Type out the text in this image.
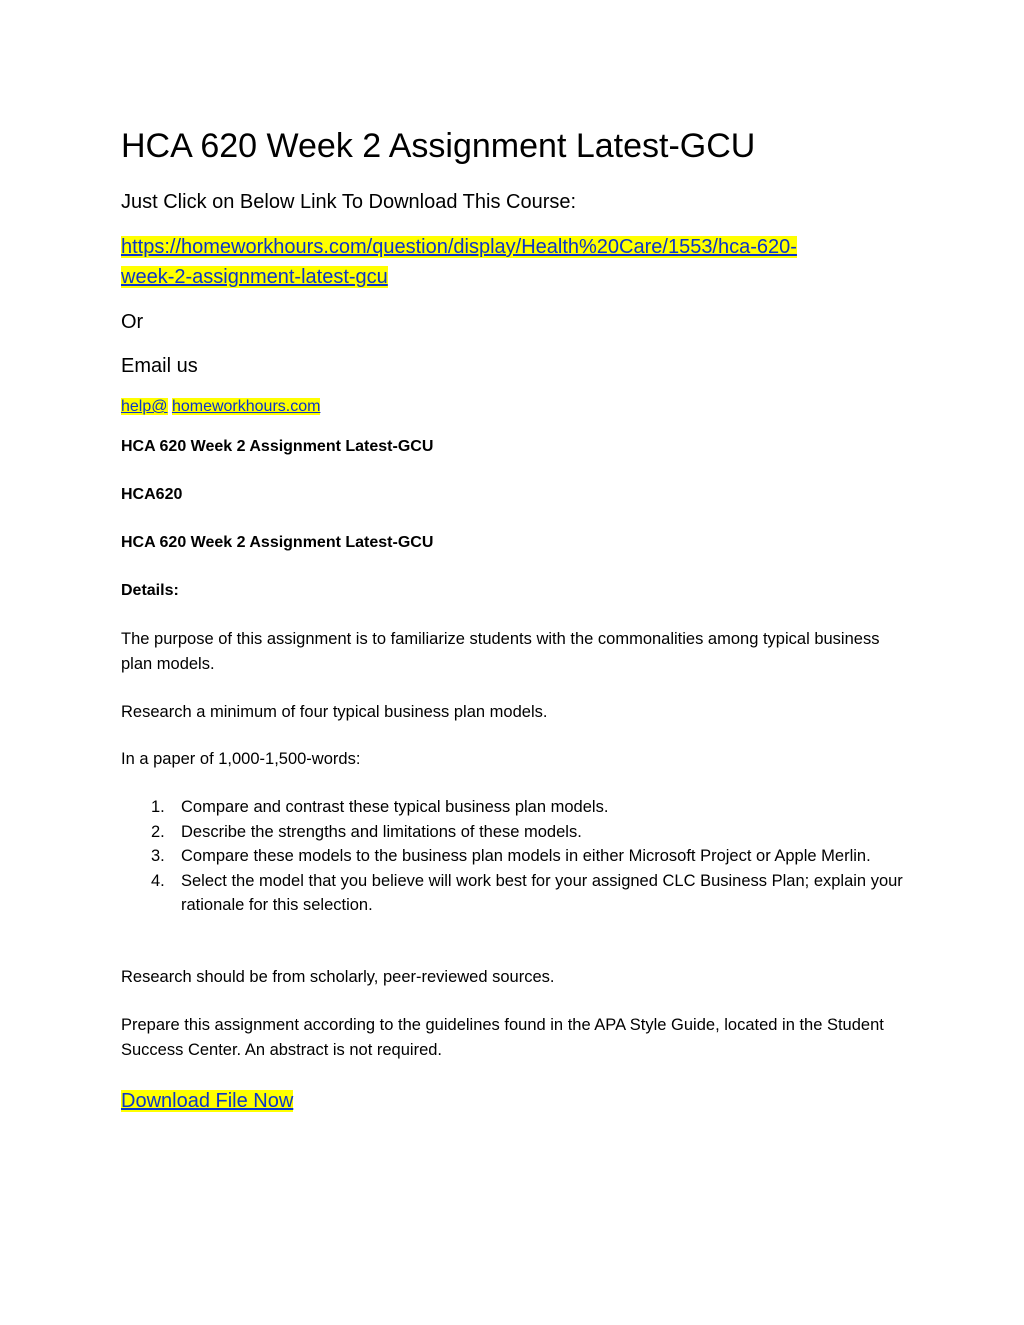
HCA 620 Week 2 Assignment Latest-GCU
Just Click on Below Link To Download This Course:
https://homeworkhours.com/question/display/Health%20Care/1553/hca-620-
week-2-assignment-latest-gcu
Or
Email us
help@ homeworkhours.com
HCA 620 Week 2 Assignment Latest-GCU
HCA620
HCA 620 Week 2 Assignment Latest-GCU
Details:
The purpose of this assignment is to familiarize students with the commonalities among typical business plan models.
Research a minimum of four typical business plan models.
In a paper of 1,000-1,500-words:
1. Compare and contrast these typical business plan models.
2. Describe the strengths and limitations of these models.
3. Compare these models to the business plan models in either Microsoft Project or Apple Merlin.
4. Select the model that you believe will work best for your assigned CLC Business Plan; explain your rationale for this selection.
Research should be from scholarly, peer-reviewed sources.
Prepare this assignment according to the guidelines found in the APA Style Guide, located in the Student Success Center. An abstract is not required.
Download File Now
